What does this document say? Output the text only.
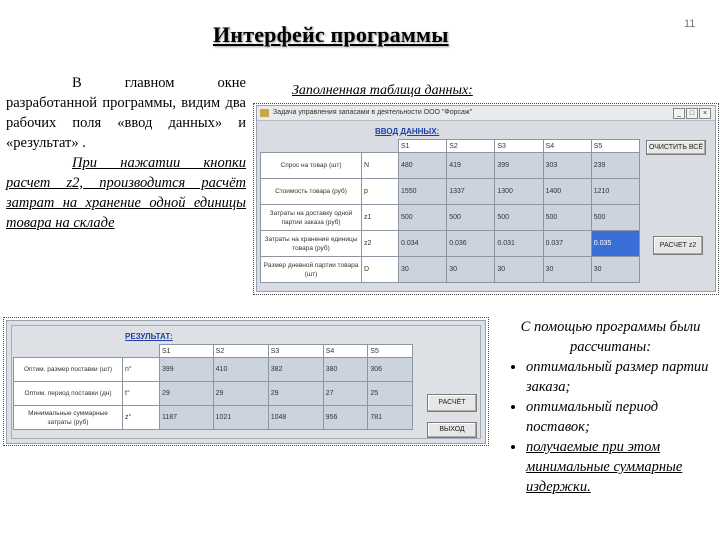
Интерфейс программы	11

В главном окне разработанной программы, видим два рабочих поля «ввод данных» и «результат» .

При нажатии кнопки расчет z2, производится расчёт затрат на хранение одной единицы товара на складе

Заполненная таблица данных:
Задача управления запасами в деятельности ООО "Форсаж"	_	□	×
ВВОД ДАННЫХ:
		S1	S2	S3	S4	S5
Спрос на товар (шт)	N	480	419	399	303	239
Стоимость товара (руб)	p	1550	1337	1300	1400	1210
Затраты на доставку одной партии заказа (руб)	z1	500	500	500	500	500
Затраты на хранение единицы товара (руб)	z2	0.034	0.036	0.031	0.037	0.035
Размер дневной партии товара (шт)	D	30	30	30	30	30
ОЧИСТИТЬ ВСЁ
РАСЧЕТ z2
РЕЗУЛЬТАТ:
		S1	S2	S3	S4	S5
Оптим. размер поставки (шт)	n°	399	410	382	380	306
Оптим. период поставки (дн)	t°	29	29	29	27	25
Минимальные суммарные затраты (руб)	z°	1187	1021	1048	956	781
РАСЧЁТ
ВЫХОД
С помощью программы были рассчитаны:
• оптимальный размер партии заказа;
• оптимальный период поставок;
• получаемые при этом минимальные суммарные издержки.
